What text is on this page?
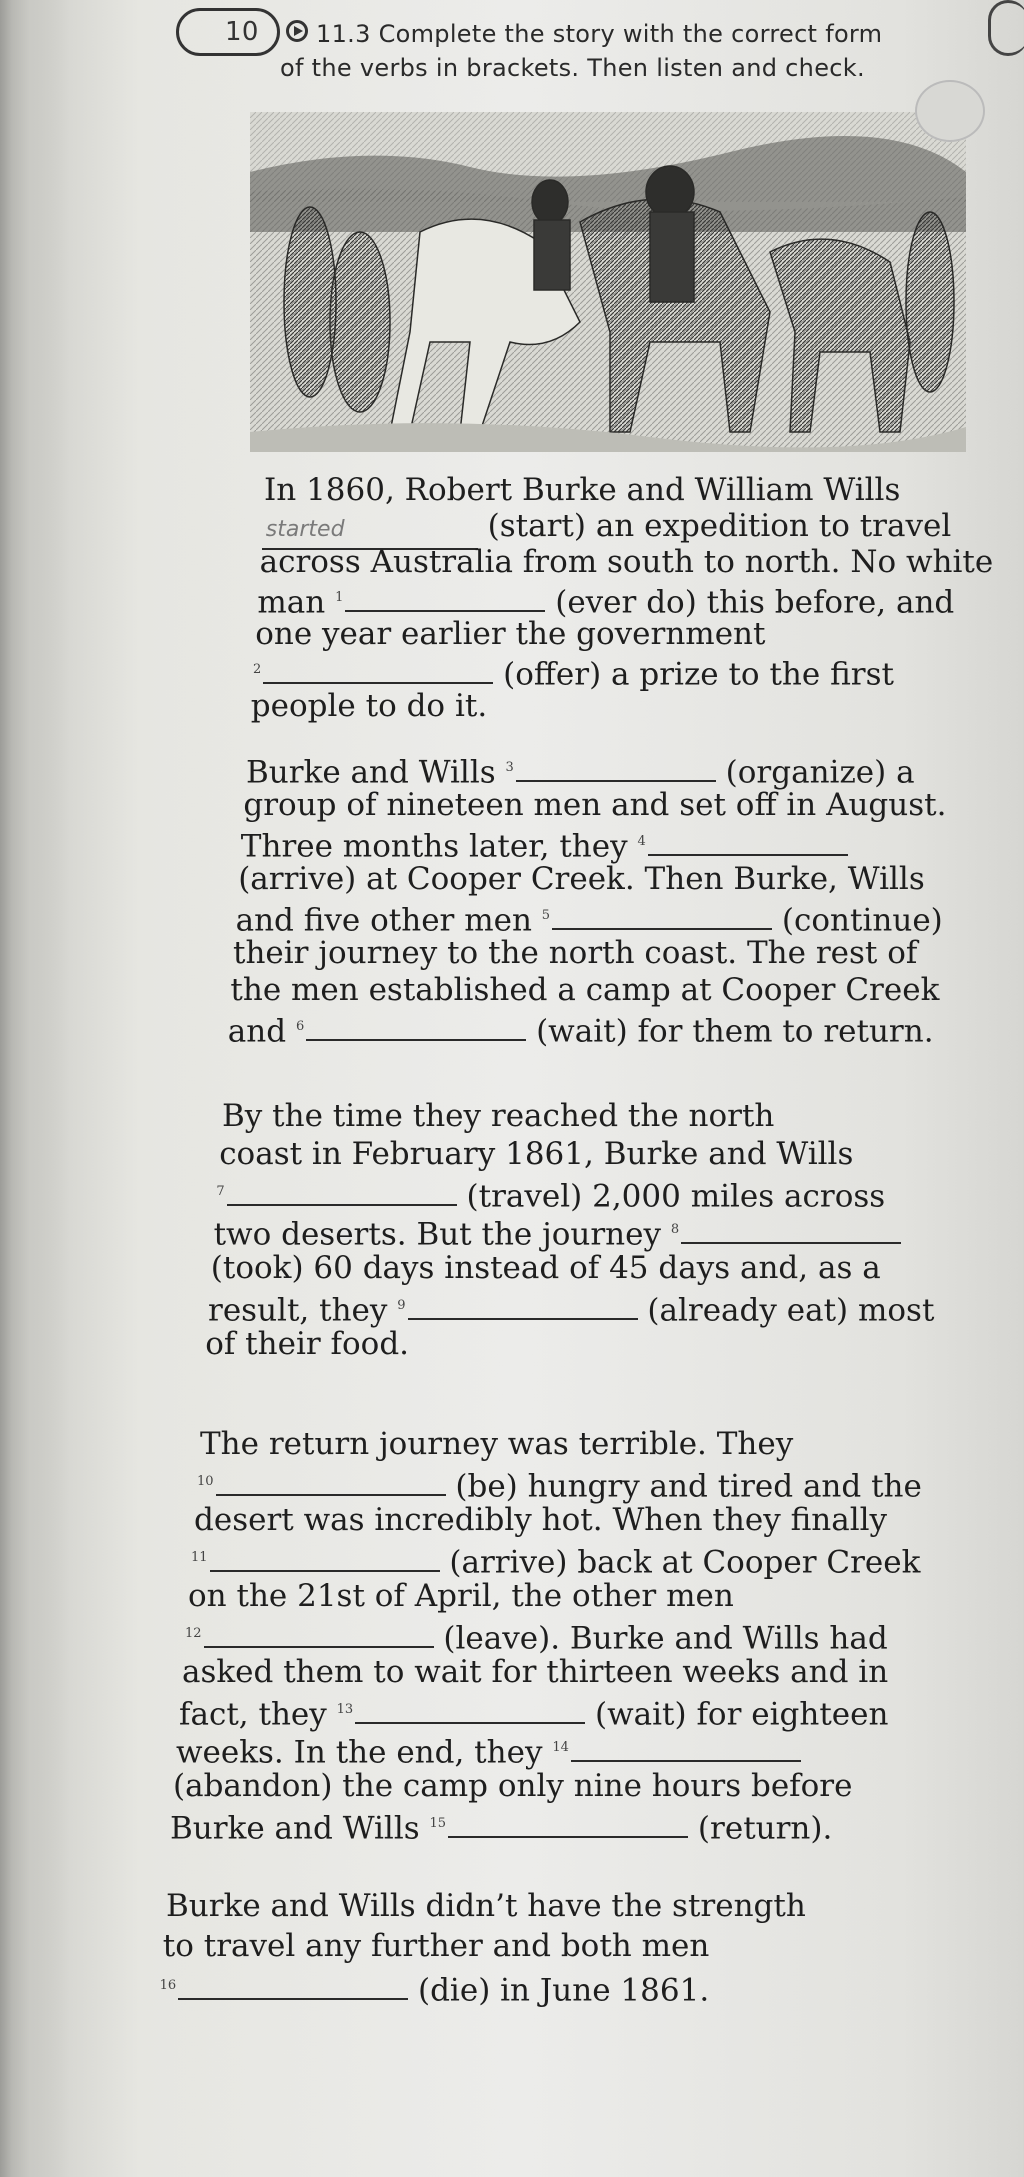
10	11.3 Complete the story with the correct form
of the verbs in brackets. Then listen and check.
In 1860, Robert Burke and William Wills
started	(start) an expedition to travel
across Australia from south to north. No white
man $^1$	(ever do) this before, and
one year earlier the government
$^2$	(offer) a prize to the first
people to do it.
Burke and Wills $^3$	(organize) a
group of nineteen men and set off in August.
Three months later, they $^4$
(arrive) at Cooper Creek. Then Burke, Wills
and five other men $^5$	(continue)
their journey to the north coast. The rest of
the men established a camp at Cooper Creek
and $^6$	(wait) for them to return.
By the time they reached the north
coast in February 1861, Burke and Wills
$^7$	(travel) 2,000 miles across
two deserts. But the journey $^8$
(took) 60 days instead of 45 days and, as a
result, they $^9$	(already eat) most
of their food.
The return journey was terrible. They
$^{10}$	(be) hungry and tired and the
desert was incredibly hot. When they finally
$^{11}$	(arrive) back at Cooper Creek
on the 21st of April, the other men
$^{12}$	(leave). Burke and Wills had
asked them to wait for thirteen weeks and in
fact, they $^{13}$	(wait) for eighteen
weeks. In the end, they $^{14}$
(abandon) the camp only nine hours before
Burke and Wills $^{15}$	(return).
Burke and Wills didn’t have the strength
to travel any further and both men
$^{16}$	(die) in June 1861.
